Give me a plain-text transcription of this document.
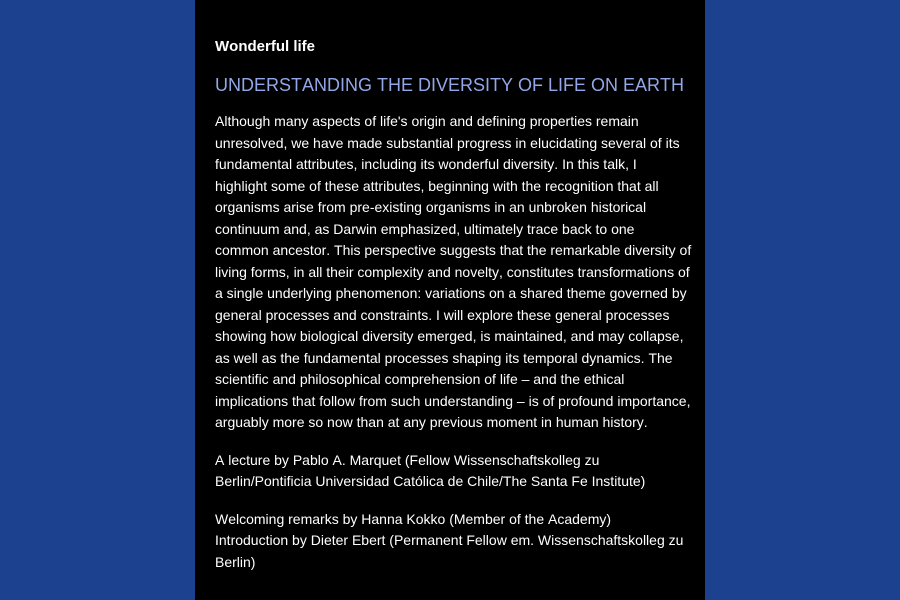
Wonderful life

UNDERSTANDING THE DIVERSITY OF LIFE ON EARTH

Although many aspects of life's origin and defining properties remain unresolved, we have made substantial progress in elucidating several of its fundamental attributes, including its wonderful diversity. In this talk, I highlight some of these attributes, beginning with the recognition that all organisms arise from pre-existing organisms in an unbroken historical continuum and, as Darwin emphasized, ultimately trace back to one common ancestor. This perspective suggests that the remarkable diversity of living forms, in all their complexity and novelty, constitutes transformations of a single underlying phenomenon: variations on a shared theme governed by general processes and constraints. I will explore these general processes showing how biological diversity emerged, is maintained, and may collapse, as well as the fundamental processes shaping its temporal dynamics. The scientific and philosophical comprehension of life – and the ethical implications that follow from such understanding – is of profound importance, arguably more so now than at any previous moment in human history.

A lecture by Pablo A. Marquet (Fellow Wissenschaftskolleg zu Berlin/Pontificia Universidad Católica de Chile/The Santa Fe Institute)

Welcoming remarks by Hanna Kokko (Member of the Academy)
Introduction by Dieter Ebert (Permanent Fellow em. Wissenschaftskolleg zu Berlin)
